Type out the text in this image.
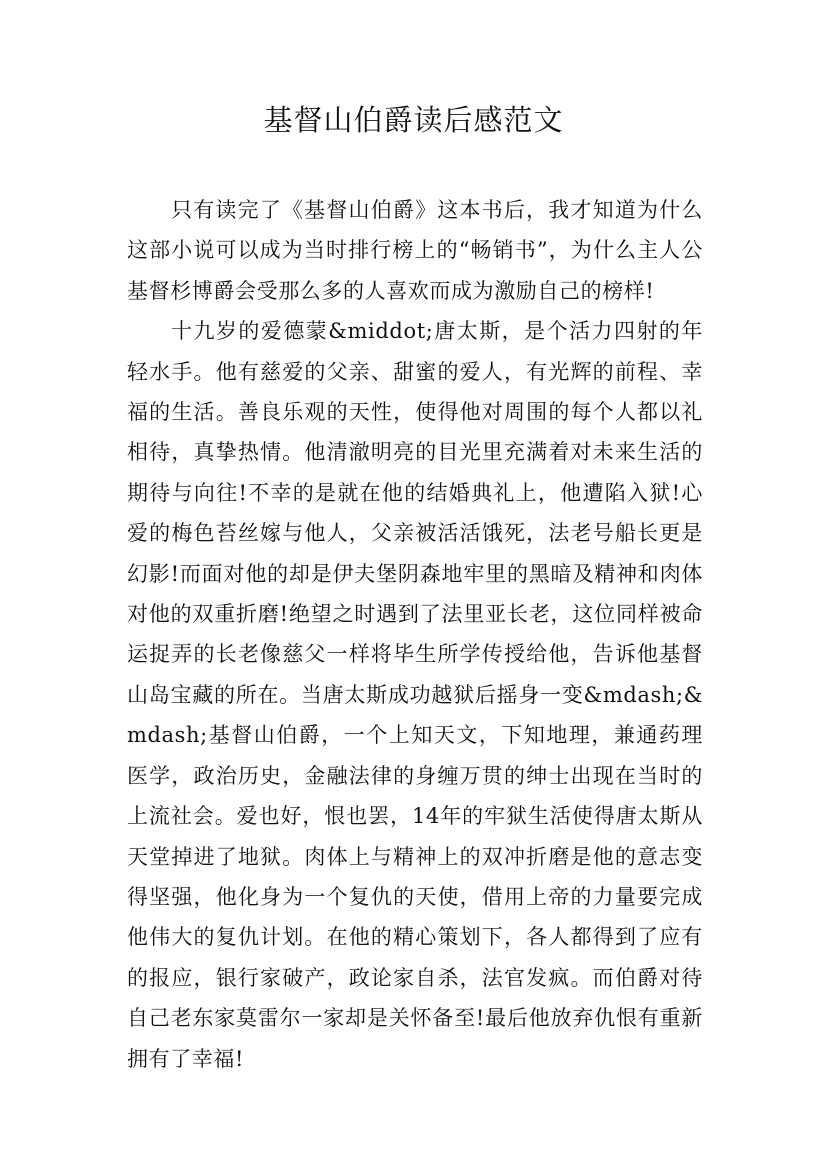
基督山伯爵读后感范文

只有读完了《基督山伯爵》这本书后，我才知道为什么这部小说可以成为当时排行榜上的“畅销书”，为什么主人公基督杉博爵会受那么多的人喜欢而成为激励自己的榜样!

十九岁的爱德蒙&middot;唐太斯，是个活力四射的年轻水手。他有慈爱的父亲、甜蜜的爱人，有光辉的前程、幸福的生活。善良乐观的天性，使得他对周围的每个人都以礼相待，真挚热情。他清澈明亮的目光里充满着对未来生活的期待与向往!不幸的是就在他的结婚典礼上，他遭陷入狱!心爱的梅色苔丝嫁与他人，父亲被活活饿死，法老号船长更是幻影!而面对他的却是伊夫堡阴森地牢里的黑暗及精神和肉体对他的双重折磨!绝望之时遇到了法里亚长老，这位同样被命运捉弄的长老像慈父一样将毕生所学传授给他，告诉他基督山岛宝藏的所在。当唐太斯成功越狱后摇身一变&mdash;&mdash;基督山伯爵，一个上知天文，下知地理，兼通药理医学，政治历史，金融法律的身缠万贯的绅士出现在当时的上流社会。爱也好，恨也罢，14年的牢狱生活使得唐太斯从天堂掉进了地狱。肉体上与精神上的双冲折磨是他的意志变得坚强，他化身为一个复仇的天使，借用上帝的力量要完成他伟大的复仇计划。在他的精心策划下，各人都得到了应有的报应，银行家破产，政论家自杀，法官发疯。而伯爵对待自己老东家莫雷尔一家却是关怀备至!最后他放弃仇恨有重新拥有了幸福!
